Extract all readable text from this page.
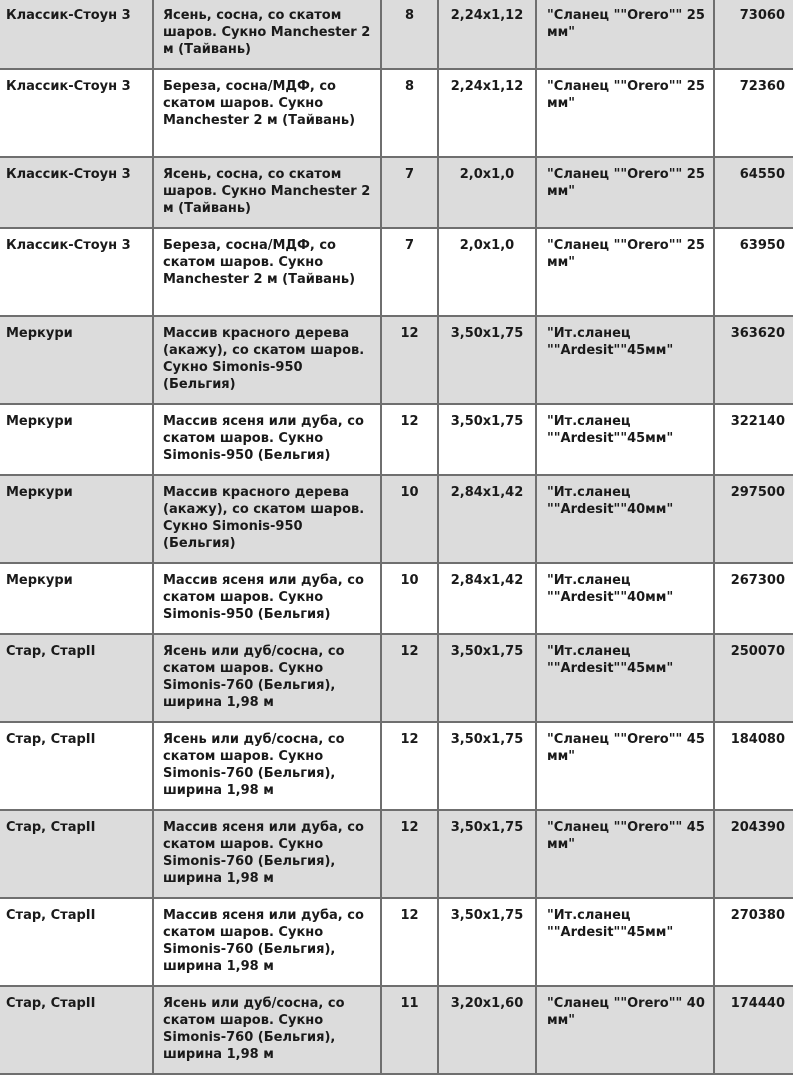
Классик-Стоун 3	Ясень, сосна, со скатом шаров. Сукно Manchester 2 м (Тайвань)	8	2,24x1,12	"Сланец ""Orero"" 25 мм"	73060
Классик-Стоун 3	Береза, сосна/МДФ, со скатом шаров. Сукно Manchester 2 м (Тайвань)	8	2,24x1,12	"Сланец ""Orero"" 25 мм"	72360
Классик-Стоун 3	Ясень, сосна, со скатом шаров. Сукно Manchester 2 м (Тайвань)	7	2,0x1,0	"Сланец ""Orero"" 25 мм"	64550
Классик-Стоун 3	Береза, сосна/МДФ, со скатом шаров. Сукно Manchester 2 м (Тайвань)	7	2,0x1,0	"Сланец ""Orero"" 25 мм"	63950
Меркури	Массив красного дерева (акажу), со скатом шаров. Сукно Simonis-950 (Бельгия)	12	3,50x1,75	"Ит.сланец ""Ardesit""45мм"	363620
Меркури	Массив ясеня или дуба, со скатом шаров. Сукно Simonis-950 (Бельгия)	12	3,50x1,75	"Ит.сланец ""Ardesit""45мм"	322140
Меркури	Массив красного дерева (акажу), со скатом шаров. Сукно Simonis-950 (Бельгия)	10	2,84x1,42	"Ит.сланец ""Ardesit""40мм"	297500
Меркури	Массив ясеня или дуба, со скатом шаров. Сукно Simonis-950 (Бельгия)	10	2,84x1,42	"Ит.сланец ""Ardesit""40мм"	267300
Стар, СтарII	Ясень или дуб/сосна, со скатом шаров. Сукно Simonis-760 (Бельгия), ширина 1,98 м	12	3,50x1,75	"Ит.сланец ""Ardesit""45мм"	250070
Стар, СтарII	Ясень или дуб/сосна, со скатом шаров. Сукно Simonis-760 (Бельгия), ширина 1,98 м	12	3,50x1,75	"Сланец ""Orero"" 45 мм"	184080
Стар, СтарII	Массив ясеня или дуба, со скатом шаров. Сукно Simonis-760 (Бельгия), ширина 1,98 м	12	3,50x1,75	"Сланец ""Orero"" 45 мм"	204390
Стар, СтарII	Массив ясеня или дуба, со скатом шаров. Сукно Simonis-760 (Бельгия), ширина 1,98 м	12	3,50x1,75	"Ит.сланец ""Ardesit""45мм"	270380
Стар, СтарII	Ясень или дуб/сосна, со скатом шаров. Сукно Simonis-760 (Бельгия), ширина 1,98 м	11	3,20x1,60	"Сланец ""Orero"" 40 мм"	174440
